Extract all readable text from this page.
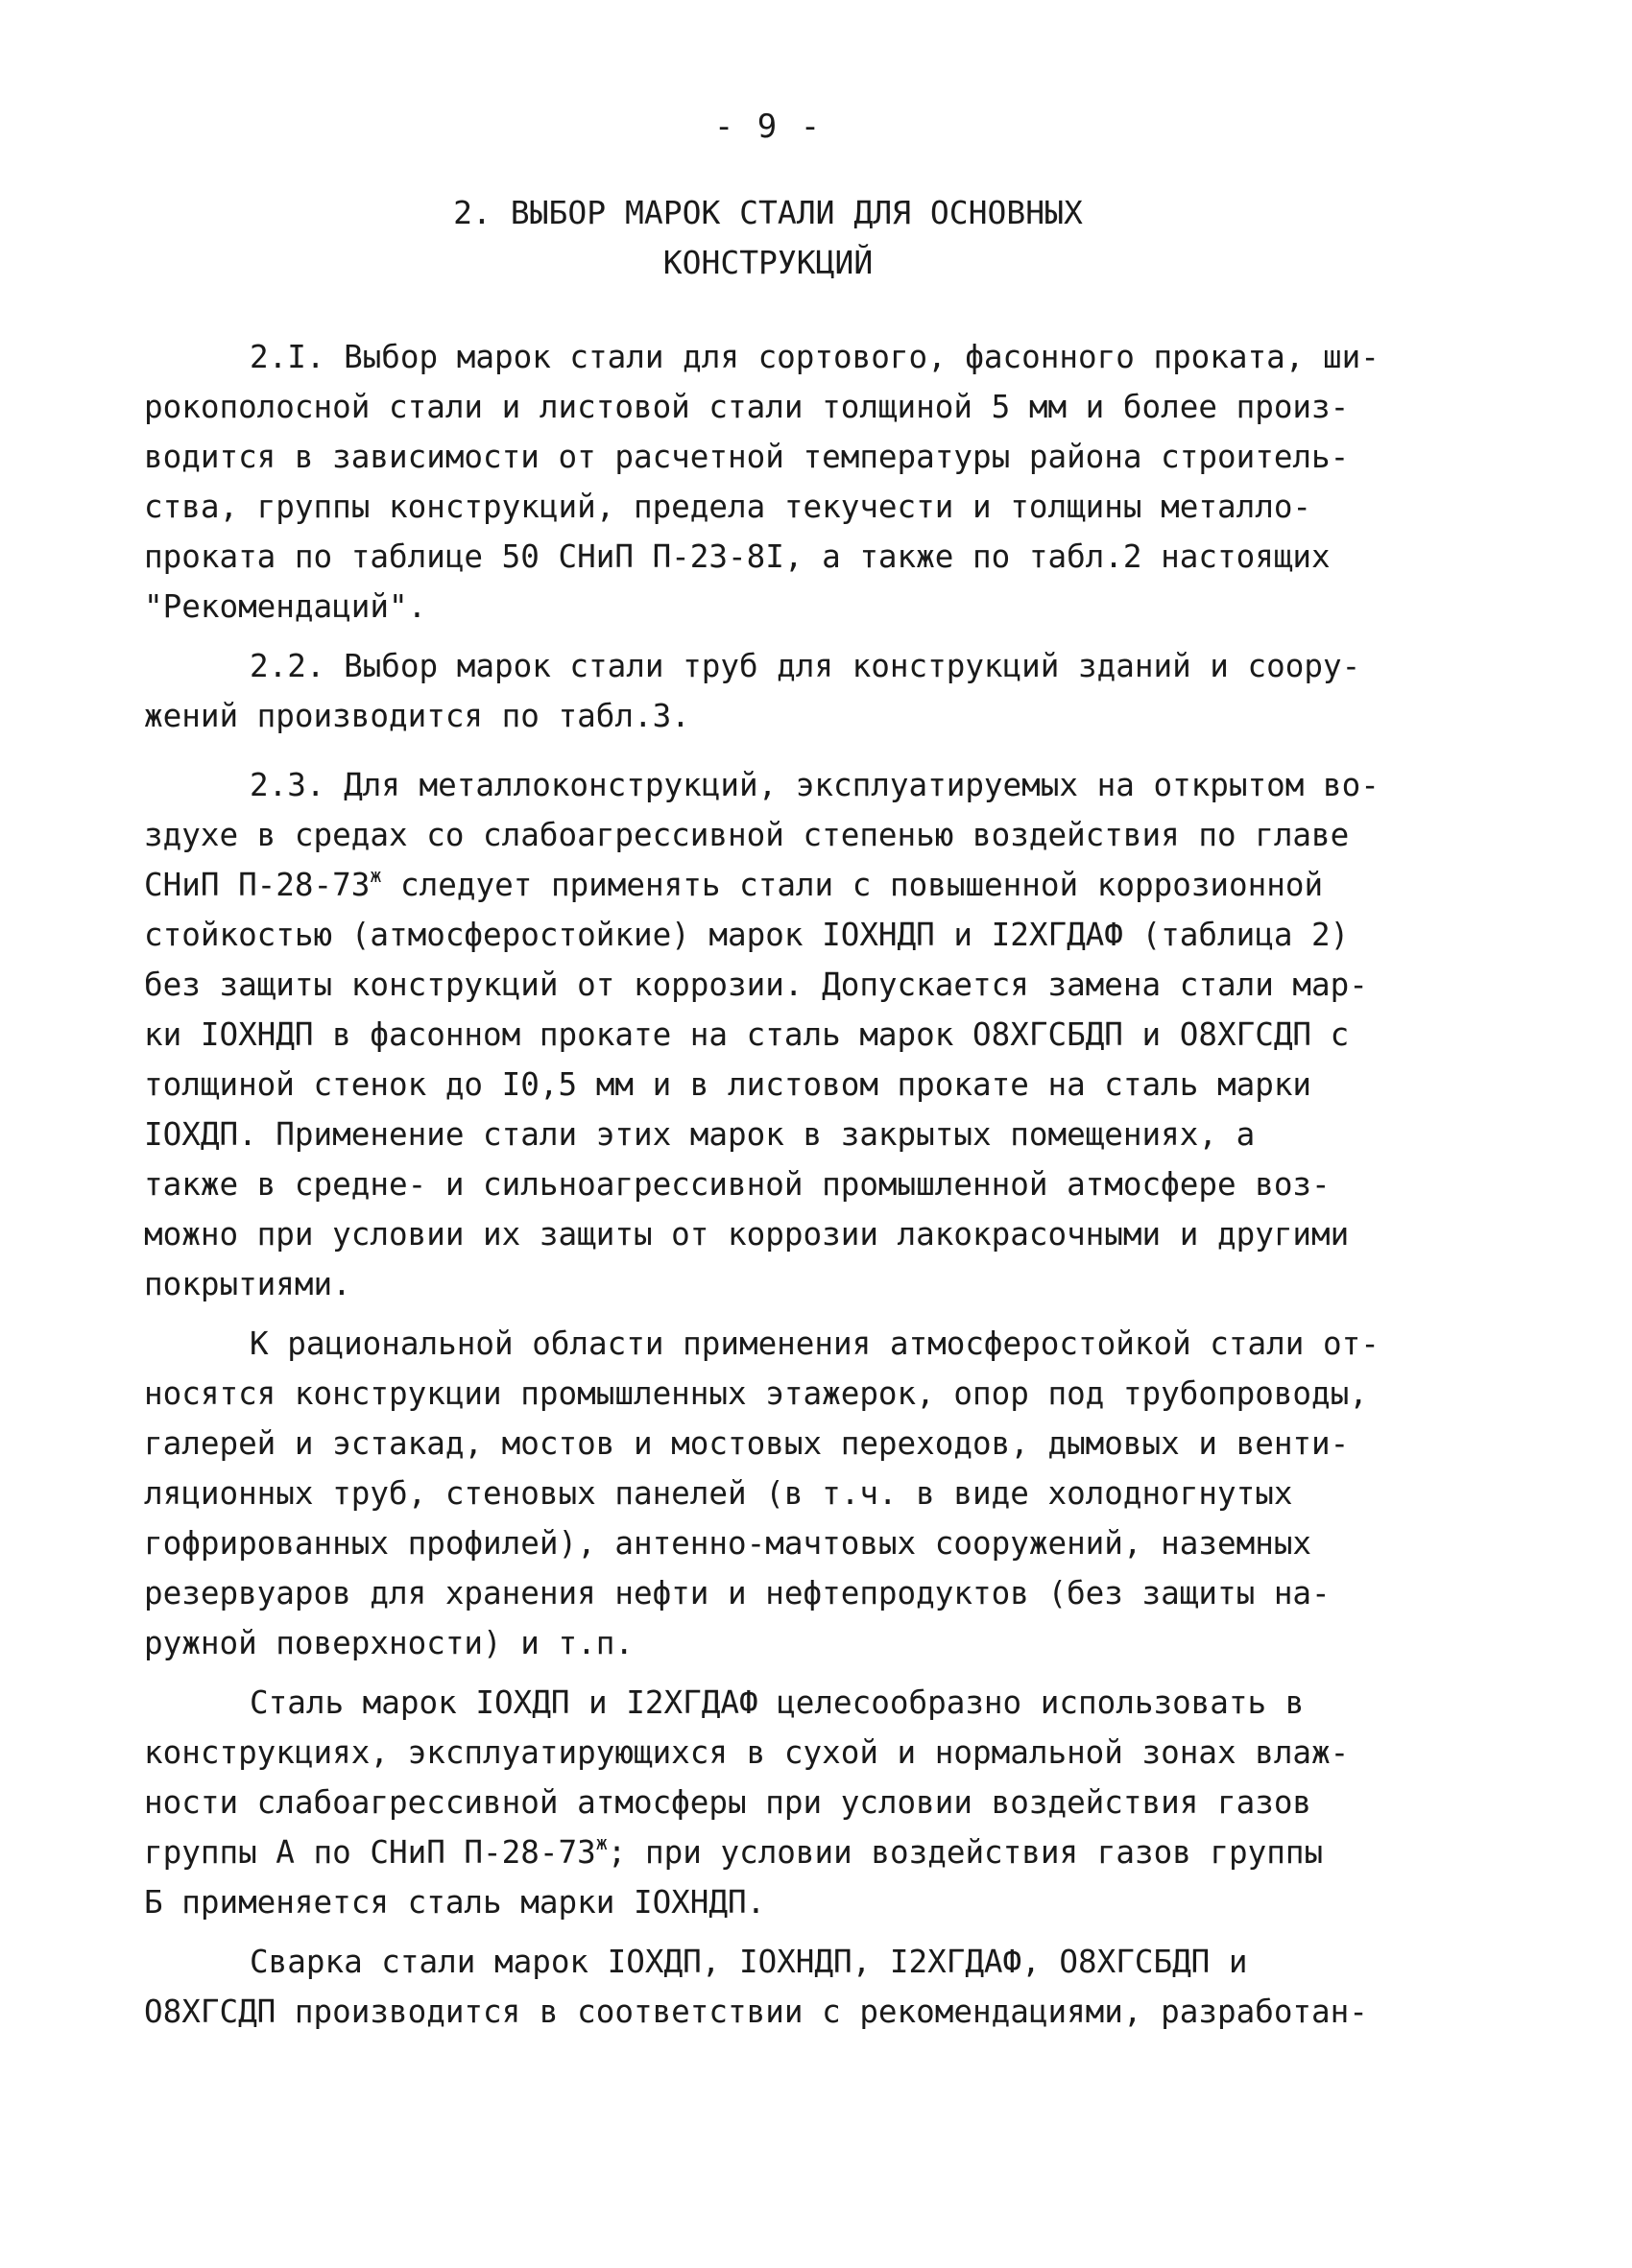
- 9 -
2. ВЫБОР МАРОК СТАЛИ ДЛЯ ОСНОВНЫХ
КОНСТРУКЦИЙ
2.I. Выбор марок стали для сортового, фасонного проката, ши-
рокополосной стали и листовой стали толщиной 5 мм и более произ-
водится в зависимости от расчетной температуры района строитель-
ства, группы конструкций, предела текучести и толщины металло-
проката по таблице 50 СНиП П-23-8I, а также по табл.2 настоящих
"Рекомендаций".
2.2. Выбор марок стали труб для конструкций зданий и соору-
жений производится по табл.3.
2.3. Для металлоконструкций, эксплуатируемых на открытом во-
здухе в средах со слабоагрессивной степенью воздействия по главе
СНиП $П-28-73^ж$ следует применять стали с повышенной коррозионной
стойкостью (атмосферостойкие) марок IОХНДП и I2ХГДАФ (таблица 2)
без защиты конструкций от коррозии. Допускается замена стали мар-
ки IОХНДП в фасонном прокате на сталь марок О8ХГСБДП и О8ХГСДП с
толщиной стенок до I0,5 мм и в листовом прокате на сталь марки
IОХДП. Применение стали этих марок в закрытых помещениях, а
также в средне- и сильноагрессивной промышленной атмосфере воз-
можно при условии их защиты от коррозии лакокрасочными и другими
покрытиями.
К рациональной области применения атмосферостойкой стали от-
носятся конструкции промышленных этажерок, опор под трубопроводы,
галерей и эстакад, мостов и мостовых переходов, дымовых и венти-
ляционных труб, стеновых панелей (в т.ч. в виде холодногнутых
гофрированных профилей), антенно-мачтовых сооружений, наземных
резервуаров для хранения нефти и нефтепродуктов (без защиты на-
ружной поверхности) и т.п.
Сталь марок IОХДП и I2ХГДАФ целесообразно использовать в
конструкциях, эксплуатирующихся в сухой и нормальной зонах влаж-
ности слабоагрессивной атмосферы при условии воздействия газов
группы А по СНиП $П-28-73^ж$; при условии воздействия газов группы
Б применяется сталь марки IОХНДП.
Сварка стали марок IОХДП, IОХНДП, I2ХГДАФ, О8ХГСБДП и
О8ХГСДП производится в соответствии с рекомендациями, разработан-
